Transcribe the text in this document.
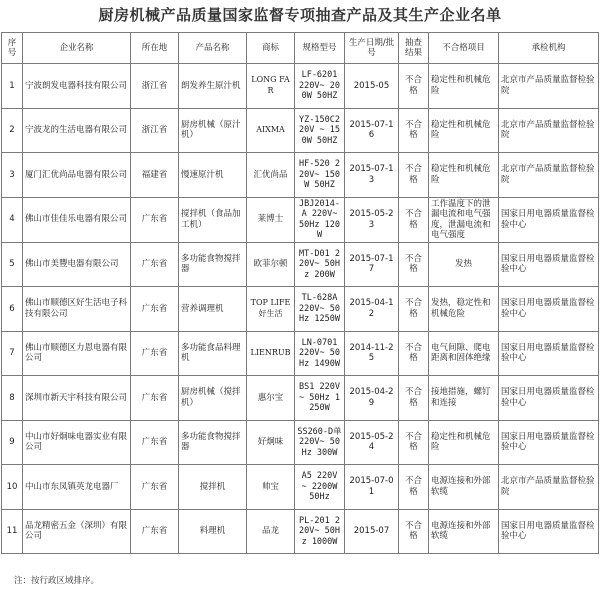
厨房机械产品质量国家监督专项抽查产品及其生产企业名单
序号	企业名称	所在地	产品名称	商标	规格型号	生产日期/批号	抽查结果	不合格项目	承检机构
1	宁波朗发电器科技有限公司	浙江省	朗发养生原汁机	LONG FAR	LF-6201 220V~ 200W 50HZ	2015-05	不合格	稳定性和机械危险	北京市产品质量监督检验院
2	宁波龙的生活电器有限公司	浙江省	厨房机械（原汁机）	AIXMA	YZ-150C220V ~ 150W 50HZ	2015-07-16	不合格	稳定性和机械危险	北京市产品质量监督检验院
3	厦门汇优尚品电器有限公司	福建省	慢速原汁机	汇优尚品	HF-520 220V~ 150W 50HZ	2015-07-13	不合格	稳定性和机械危险	北京市产品质量监督检验院
4	佛山市佳佳乐电器有限公司	广东省	搅拌机（食品加工机）	莱博士	JBJ2014-A 220V~ 50Hz 120W	2015-05-23	不合格	工作温度下的泄漏电流和电气强度，泄漏电流和电气强度	国家日用电器质量监督检验中心
5	佛山市美豐电器有限公司	广东省	多功能食物搅拌器	欧菲尔顿	MT-D01 220V~ 50Hz 200W	2015-07-17	不合格	发热	国家日用电器质量监督检验中心
6	佛山市顺德区好生活电子科技有限公司	广东省	营养调理机	TOP LIFE 好生活	TL-628A 220V~ 50Hz 1250W	2015-04-12	不合格	发热，稳定性和机械危险	国家日用电器质量监督检验中心
7	佛山市顺德区力恩电器有限公司	广东省	多功能食品料理机	LIENRUB	LN-0701 220V~ 50Hz 1490W	2014-11-25	不合格	电气间隙、爬电距离和固体绝缘	国家日用电器质量监督检验中心
8	深圳市新天宇科技有限公司	广东省	厨房机械（搅拌机）	惠尔宝	BS1 220V~ 50Hz 1250W	2015-04-29	不合格	接地措施，螺钉和连接	国家日用电器质量监督检验中心
9	中山市好炯味电器实业有限公司	广东省	多功能食物搅拌器	好炯味	SS260-D单 220V~ 50Hz 300W	2015-05-24	不合格	稳定性和机械危险	国家日用电器质量监督检验中心
10	中山市东凤镇英龙电器厂	广东省	搅拌机	帅宝	A5 220V ~ 2200W 50Hz	2015-07-01	不合格	电源连接和外部软缆	北京市产品质量监督检验院
11	品龙精密五金（深圳）有限公司	广东省	料理机	品龙	PL-201 220V~ 50Hz 1000W	2015-07	不合格	电源连接和外部软缆	国家日用电器质量监督检验中心
注：按行政区域排序。
